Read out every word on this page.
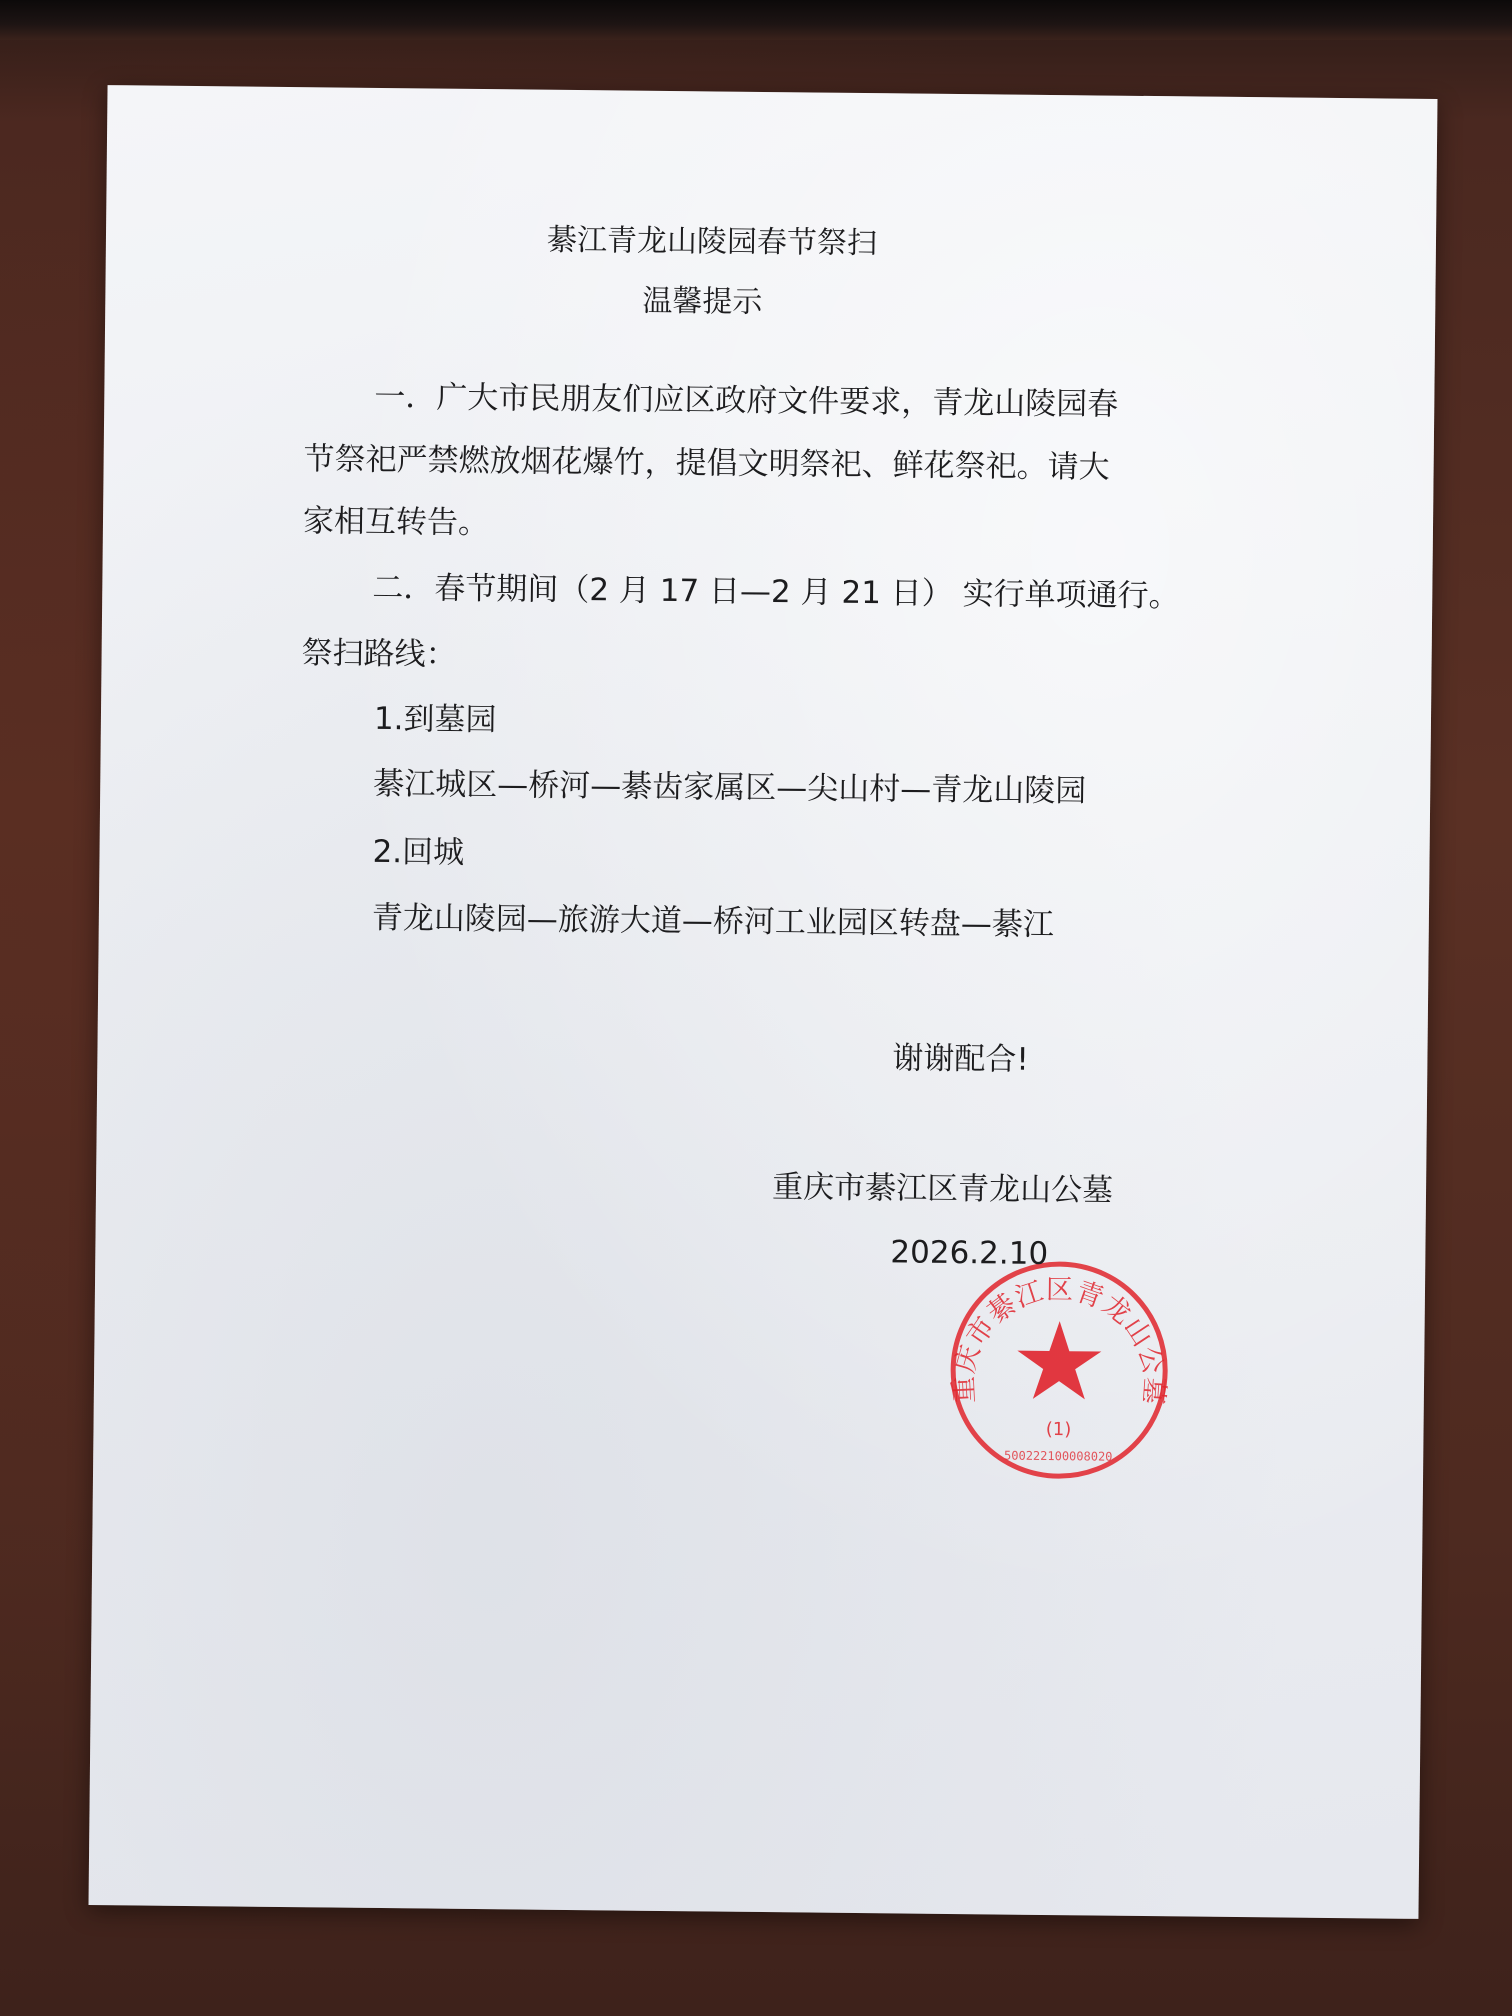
綦江青龙山陵园春节祭扫
温馨提示
一．广大市民朋友们应区政府文件要求，青龙山陵园春
节祭祀严禁燃放烟花爆竹，提倡文明祭祀、鲜花祭祀。请大
家相互转告。
二．春节期间（2 月 17 日—2 月 21 日） 实行单项通行。
祭扫路线：
1.到墓园
綦江城区—桥河—綦齿家属区—尖山村—青龙山陵园
2.回城
青龙山陵园—旅游大道—桥河工业园区转盘—綦江
谢谢配合!
重庆市綦江区青龙山公墓
(1)
500222100008020
重庆市綦江区青龙山公墓
2026.2.10
